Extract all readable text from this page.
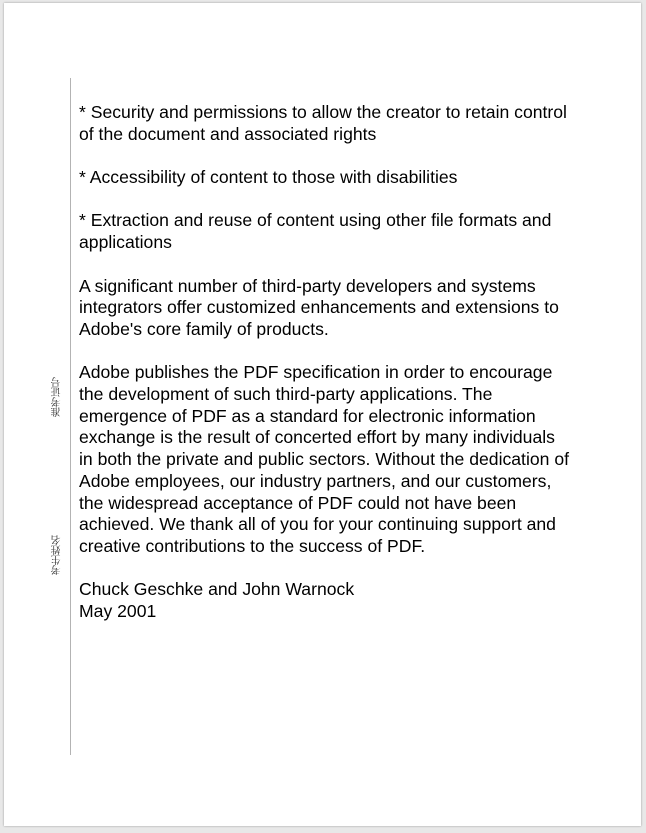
准考证号
考生姓名

* Security and permissions to allow the creator to retain control of the document and associated rights

* Accessibility of content to those with disabilities

* Extraction and reuse of content using other file formats and applications

A significant number of third-party developers and systems integrators offer customized enhancements and extensions to Adobe's core family of products.

Adobe publishes the PDF specification in order to encourage the development of such third-party applications. The emergence of PDF as a standard for electronic information exchange is the result of concerted effort by many individuals in both the private and public sectors. Without the dedication of Adobe employees, our industry partners, and our customers, the widespread acceptance of PDF could not have been achieved. We thank all of you for your continuing support and creative contributions to the success of PDF.

Chuck Geschke and John Warnock
May 2001
